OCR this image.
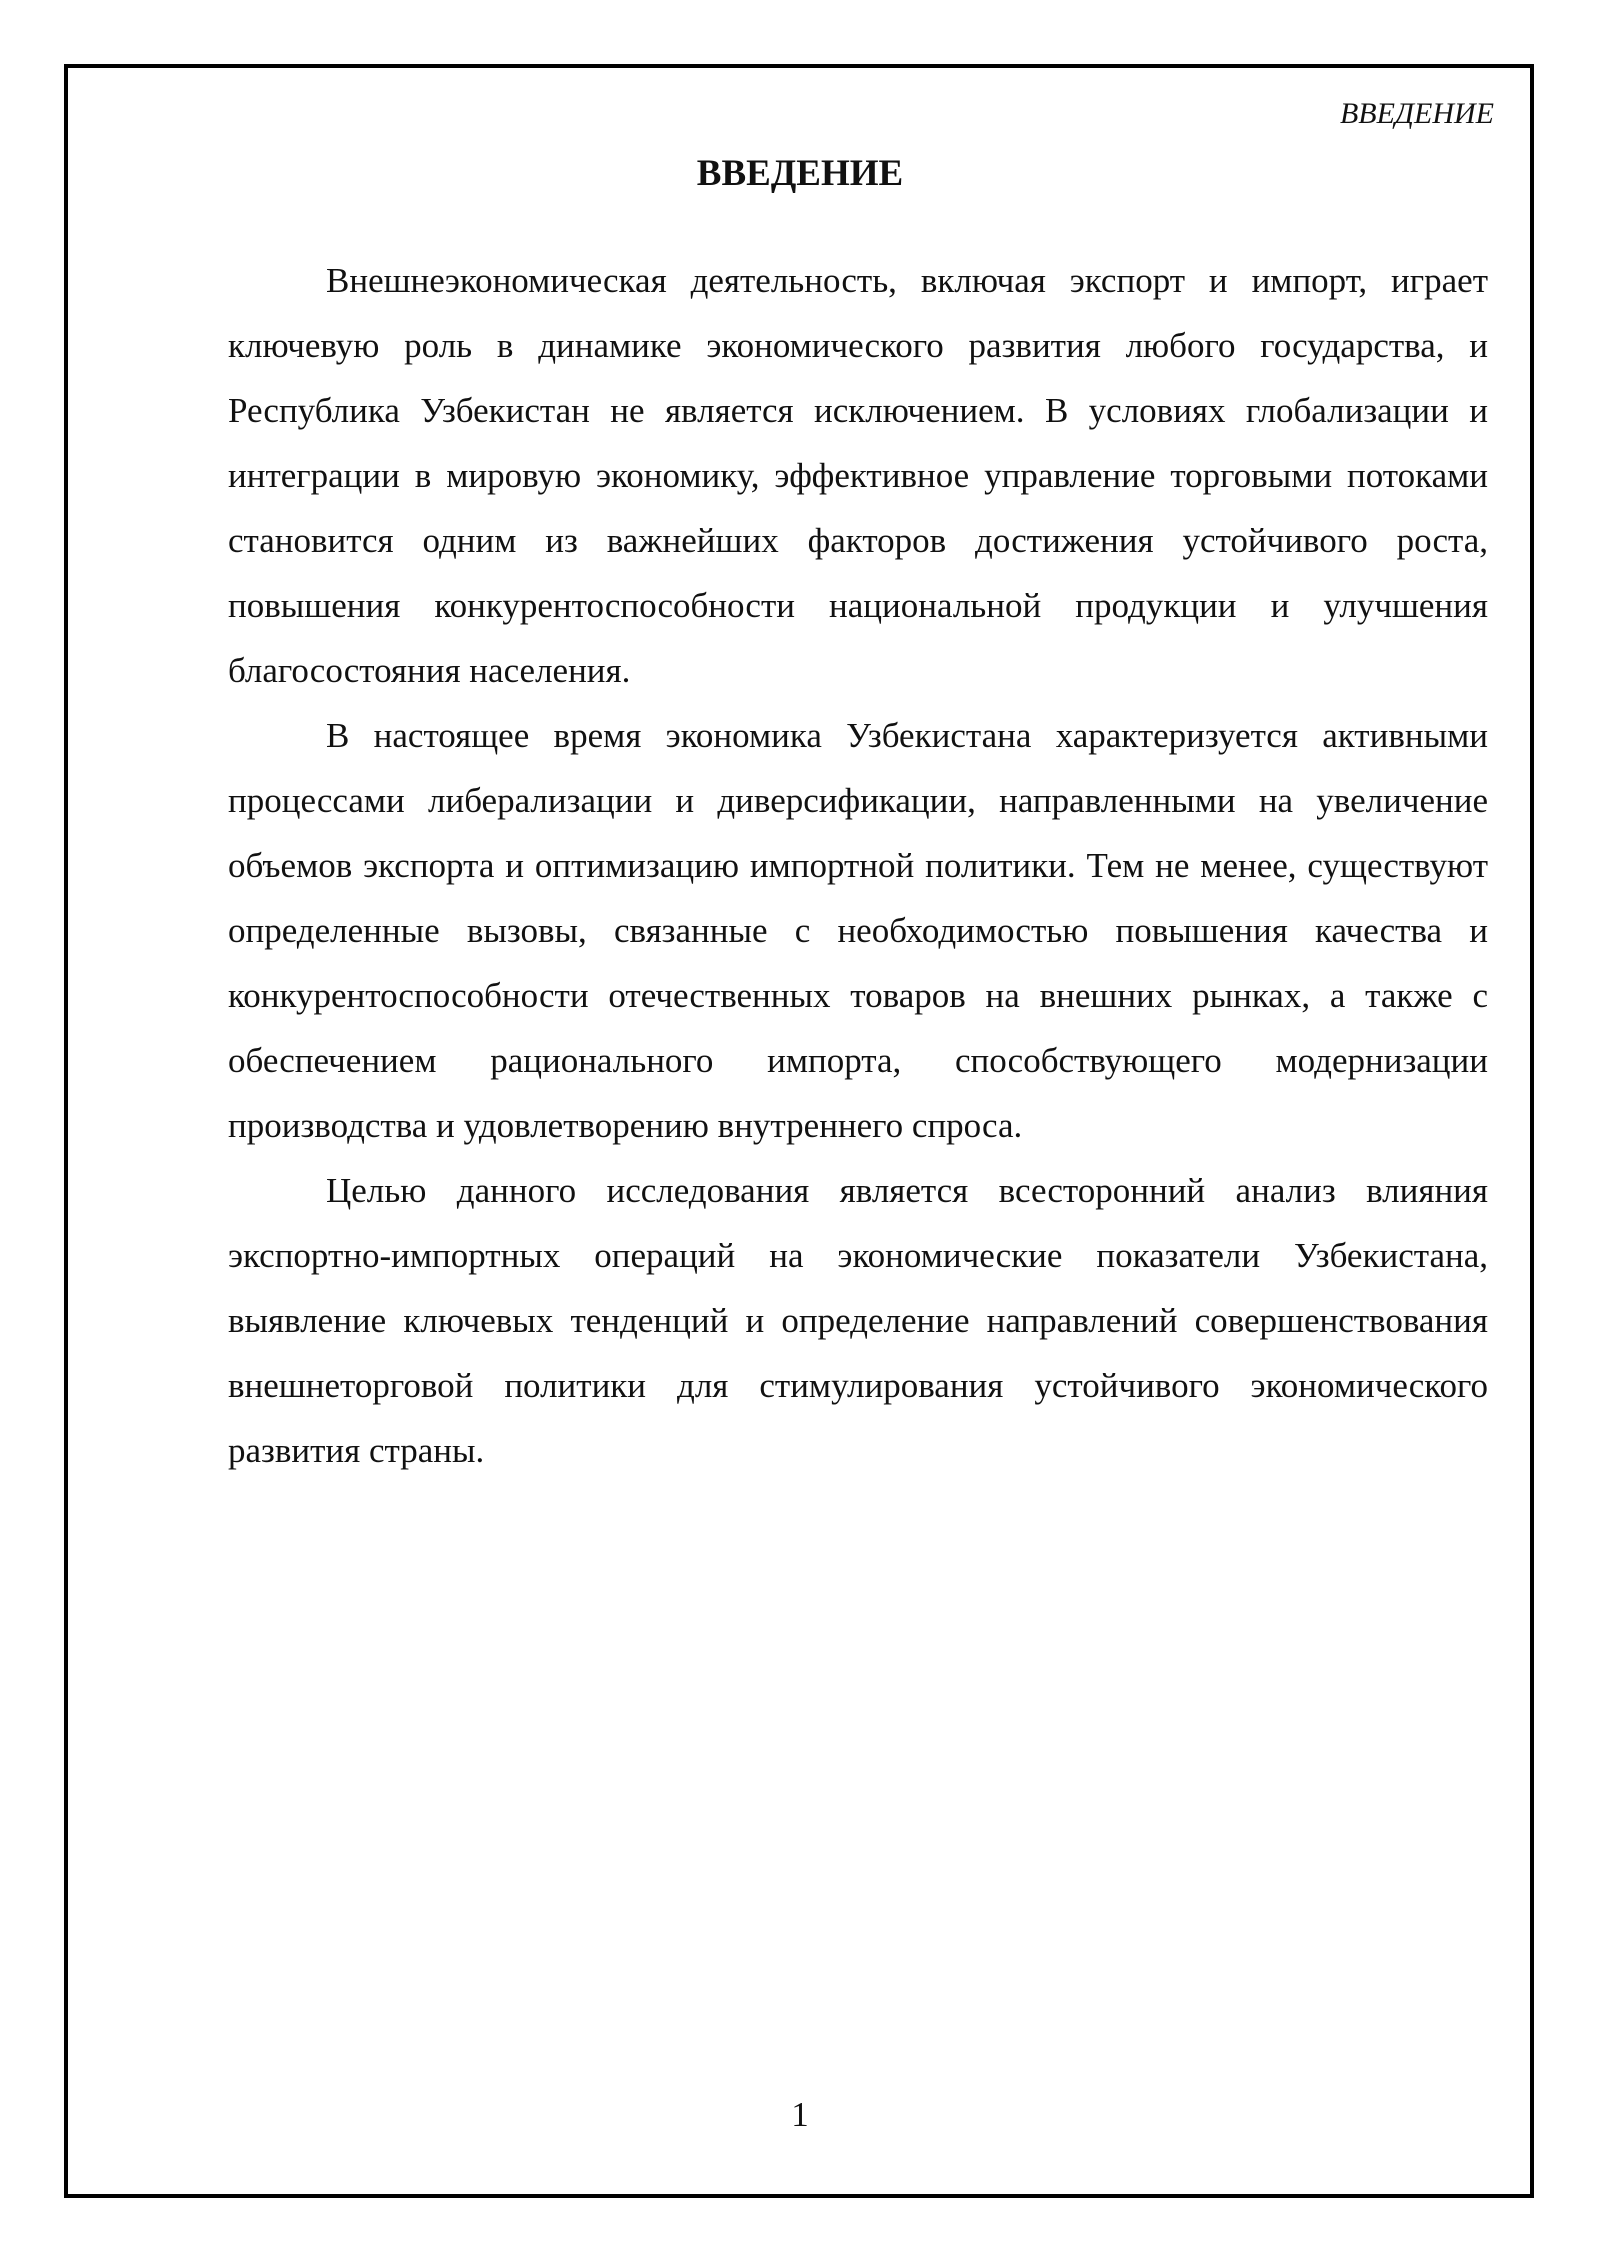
ВВЕДЕНИЕ

ВВЕДЕНИЕ

Внешнеэкономическая деятельность, включая экспорт и импорт, играет ключевую роль в динамике экономического развития любого государства, и Республика Узбекистан не является исключением. В условиях глобализации и интеграции в мировую экономику, эффективное управление торговыми потоками становится одним из важнейших факторов достижения устойчивого роста, повышения конкурентоспособности национальной продукции и улучшения благосостояния населения.

В настоящее время экономика Узбекистана характеризуется активными процессами либерализации и диверсификации, направленными на увеличение объемов экспорта и оптимизацию импортной политики. Тем не менее, существуют определенные вызовы, связанные с необходимостью повышения качества и конкурентоспособности отечественных товаров на внешних рынках, а также с обеспечением рационального импорта, способствующего модернизации производства и удовлетворению внутреннего спроса.

Целью данного исследования является всесторонний анализ влияния экспортно-импортных операций на экономические показатели Узбекистана, выявление ключевых тенденций и определение направлений совершенствования внешнеторговой политики для стимулирования устойчивого экономического развития страны.

1
